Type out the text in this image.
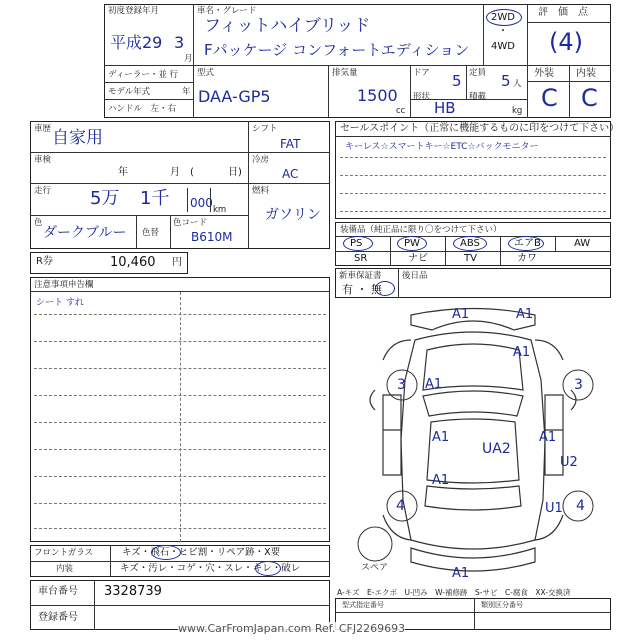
初度登録年月
平成29 3
月
車名・グレード
フィットハイブリッド
Fパッケージ コンフォートエディション
2WD
・
4WD
評　価　点
(4)
ディーラー・並 行
モデル年式	年
ハンドル　左・右
型式
DAA-GP5
排気量
1500
cc
ドア 5 定員 5 人
形状
HB
積載
kg
外装 内装
C C
車歴 自家用
車検
年	月 (	日)
走行 5万 1千 000 km
色
ダークブルー 色替
色コード
B610M
シフト
FAT
冷房
AC
燃料
ガソリン
R券	10,460 円
セールスポイント（正常に機能するものに印をつけて下さい）
キーレス☆スマートキー☆ETC☆バックモニター
装備品（純正品に限り〇をつけて下さい）
PS	PW	ABS	エアB	AW
SR	ナビ	TV	カワ
新車保証書
有 ・ 無
後日品
注意事項申告欄
シート すれ
A1	A1
A1
A1
A1
UA2
A1
U2
U1
A1
A1
3	3
4	4
スペア
フロントガラス	キズ・飛石・ヒビ割・リペア跡・X要
内装	キズ・汚レ・コゲ・穴・スレ・キレ・破レ
車台番号 3328739
登録番号
A-キズ　E-エクボ　U-凹み　W-補修跡　S-サビ　C-腐食　XX-交換済
型式指定番号	類別区分番号
www.CarFromJapan.com Ref. CFJ2269693
